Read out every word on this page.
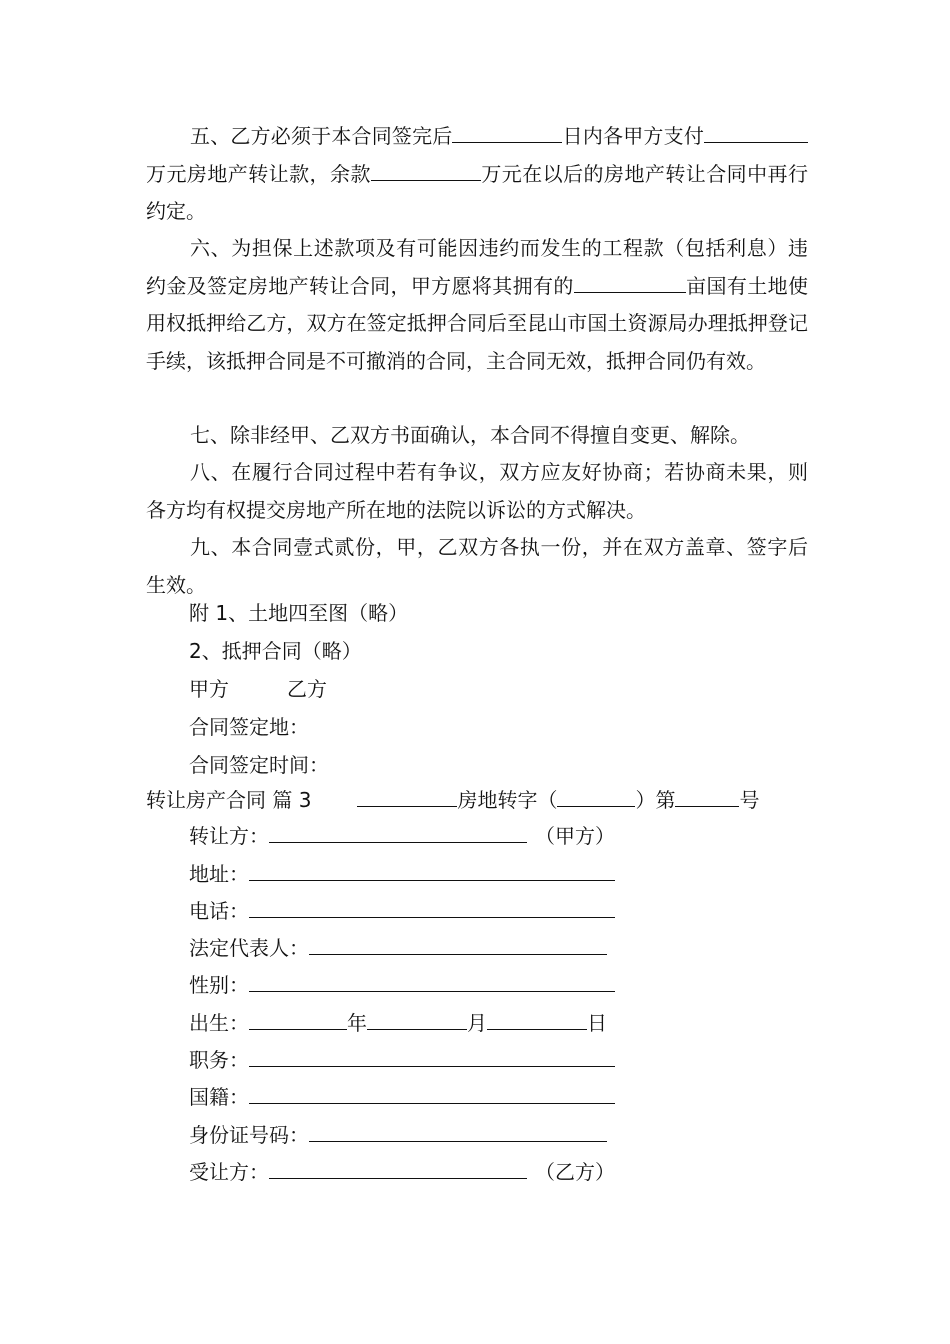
五、乙方必须于本合同签完后	日内各甲方支付万元房地产转让款，余款	万元在以后的房地产转让合同中再行约定。
六、为担保上述款项及有可能因违约而发生的工程款（包括利息）违约金及签定房地产转让合同，甲方愿将其拥有的	亩国有土地使用权抵押给乙方，双方在签定抵押合同后至昆山市国土资源局办理抵押登记手续，该抵押合同是不可撤消的合同，主合同无效，抵押合同仍有效。
七、除非经甲、乙双方书面确认，本合同不得擅自变更、解除。
八、在履行合同过程中若有争议，双方应友好协商；若协商未果，则各方均有权提交房地产所在地的法院以诉讼的方式解决。
九、本合同壹式贰份，甲，乙双方各执一份，并在双方盖章、签字后生效。
附 1、土地四至图（略）
2、抵押合同（略）
甲方	乙方
合同签定地：
合同签定时间：
转让房产合同 篇 3	房地转字（	）第	号
转让方：	（甲方）
地址：
电话：
法定代表人：
性别：
出生：	年	月	日
职务：
国籍：
身份证号码：
受让方：	（乙方）
